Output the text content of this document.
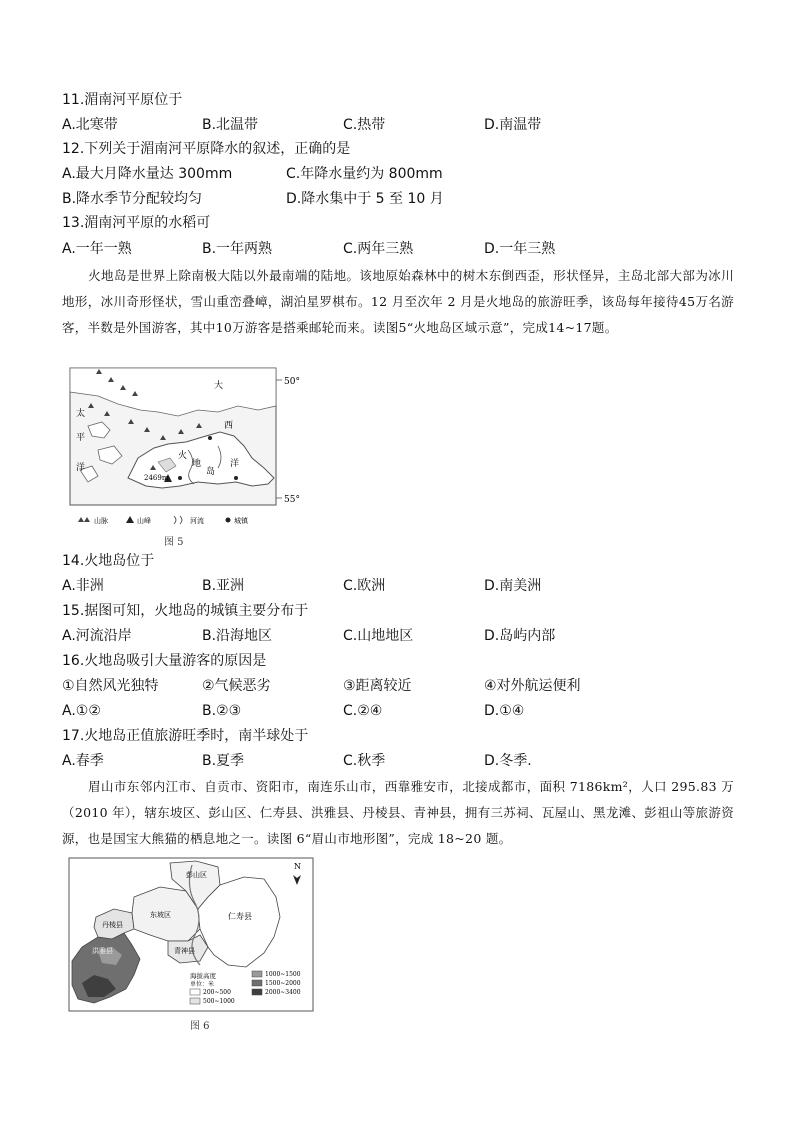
11.湄南河平原位于
A.北寒带	B.北温带	C.热带	D.南温带
12.下列关于湄南河平原降水的叙述，正确的是
A.最大月降水量达 300mm	C.年降水量约为 800mm
B.降水季节分配较均匀	D.降水集中于 5 至 10 月
13.湄南河平原的水稻可
A.一年一熟	B.一年两熟	C.两年三熟	D.一年三熟
火地岛是世界上除南极大陆以外最南端的陆地。该地原始森林中的树木东倒西歪，形状怪异，主岛北部大部为冰川地形，冰川奇形怪状，雪山重峦叠嶂，湖泊星罗棋布。12 月至次年 2 月是火地岛的旅游旺季，该岛每年接待45万名游客，半数是外国游客，其中10万游客是搭乘邮轮而来。读图5“火地岛区域示意”，完成14~17题。
50°
55°
太
平
洋
大
西
洋
火
地
岛
2469m
山脉	山峰	河流	城镇
图 5
14.火地岛位于
A.非洲	B.亚洲	C.欧洲	D.南美洲
15.据图可知，火地岛的城镇主要分布于
A.河流沿岸	B.沿海地区	C.山地地区	D.岛屿内部
16.火地岛吸引大量游客的原因是
①自然风光独特	②气候恶劣	③距离较近	④对外航运便利
A.①②	B.②③	C.②④	D.①④
17.火地岛正值旅游旺季时，南半球处于
A.春季	B.夏季	C.秋季	D.冬季.
眉山市东邻内江市、自贡市、资阳市，南连乐山市，西靠雅安市，北接成都市，面积 7186km²，人口 295.83 万（2010 年），辖东坡区、彭山区、仁寿县、洪雅县、丹棱县、青神县，拥有三苏祠、瓦屋山、黑龙滩、彭祖山等旅游资源，也是国宝大熊猫的栖息地之一。读图 6“眉山市地形图”，完成 18~20 题。
N
彭山区
东坡区
丹棱县
洪雅县
仁寿县
青神县
海拔高度
单位：米
200~500
500~1000
1000~1500
1500~2000
2000~3400
图 6
